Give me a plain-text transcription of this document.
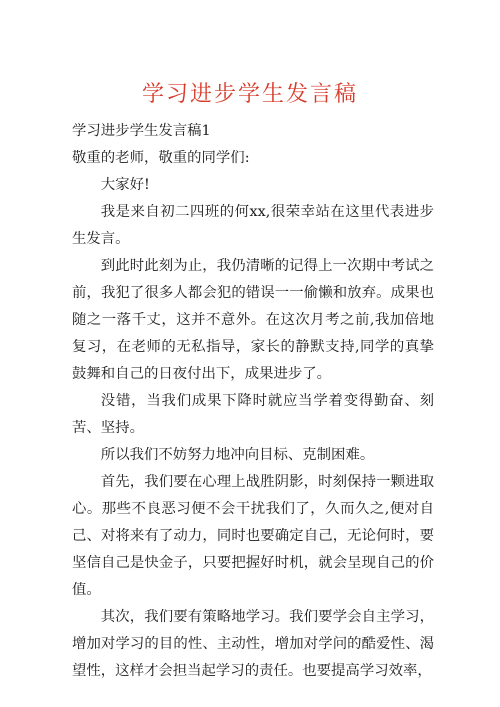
学习进步学生发言稿

学习进步学生发言稿1

敬重的老师，敬重的同学们:

大家好!

我是来自初二四班的何xx,很荣幸站在这里代表进步生发言。

到此时此刻为止，我仍清晰的记得上一次期中考试之前，我犯了很多人都会犯的错误一一偷懒和放弃。成果也随之一落千丈，这并不意外。在这次月考之前,我加倍地复习，在老师的无私指导，家长的静默支持,同学的真挚鼓舞和自己的日夜付出下，成果进步了。

没错，当我们成果下降时就应当学着变得勤奋、刻苦、坚持。

所以我们不妨努力地冲向目标、克制困难。

首先，我们要在心理上战胜阴影，时刻保持一颗进取心。那些不良恶习便不会干扰我们了，久而久之,便对自己、对将来有了动力，同时也要确定自己，无论何时，要坚信自己是快金子，只要把握好时机，就会呈现自己的价值。

其次，我们要有策略地学习。我们要学会自主学习，增加对学习的目的性、主动性，增加对学问的酷爱性、渴望性，这样才会担当起学习的责任。也要提高学习效率，
